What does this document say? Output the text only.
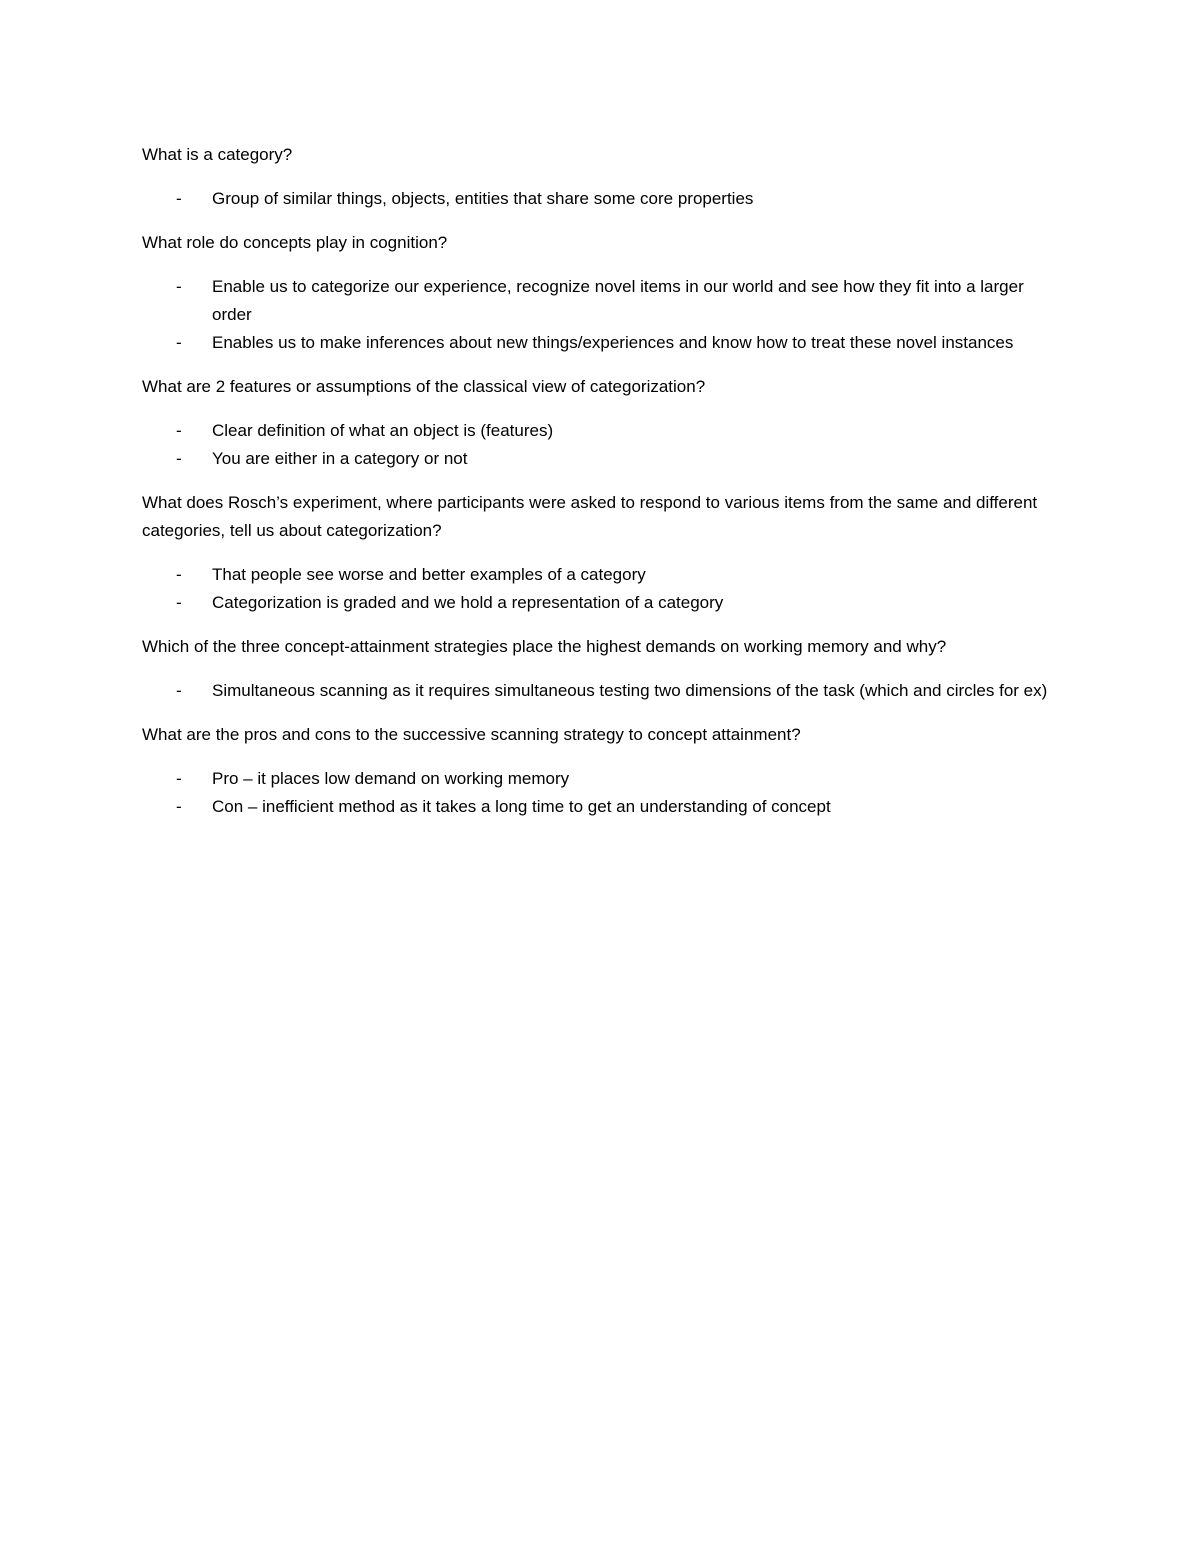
What is a category?

- Group of similar things, objects, entities that share some core properties

What role do concepts play in cognition?

- Enable us to categorize our experience, recognize novel items in our world and see how they fit into a larger order
- Enables us to make inferences about new things/experiences and know how to treat these novel instances

What are 2 features or assumptions of the classical view of categorization?

- Clear definition of what an object is (features)
- You are either in a category or not

What does Rosch’s experiment, where participants were asked to respond to various items from the same and different categories, tell us about categorization?

- That people see worse and better examples of a category
- Categorization is graded and we hold a representation of a category

Which of the three concept-attainment strategies place the highest demands on working memory and why?

- Simultaneous scanning as it requires simultaneous testing two dimensions of the task (which and circles for ex)

What are the pros and cons to the successive scanning strategy to concept attainment?

- Pro – it places low demand on working memory
- Con – inefficient method as it takes a long time to get an understanding of concept
